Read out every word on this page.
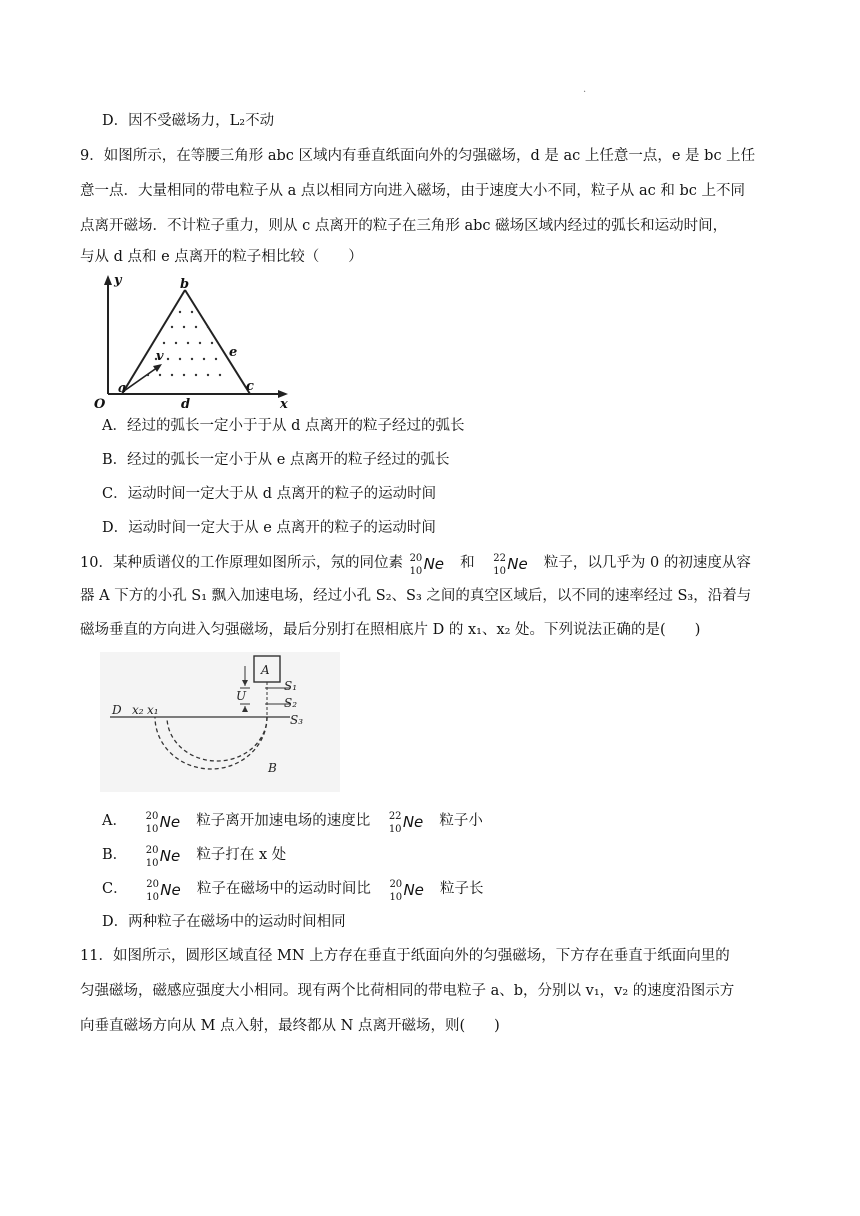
.
D．因不受磁场力，L₂不动
9．如图所示，在等腰三角形 abc 区域内有垂直纸面向外的匀强磁场，d 是 ac 上任意一点，e 是 bc 上任
意一点．大量相同的带电粒子从 a 点以相同方向进入磁场，由于速度大小不同，粒子从 ac 和 bc 上不同
点离开磁场．不计粒子重力，则从 c 点离开的粒子在三角形 abc 磁场区域内经过的弧长和运动时间，
与从 d 点和 e 点离开的粒子相比较（　　）
y
O	x
a
b
c
d
e
v
A．经过的弧长一定小于于从 d 点离开的粒子经过的弧长
B．经过的弧长一定小于从 e 点离开的粒子经过的弧长
C．运动时间一定大于从 d 点离开的粒子的运动时间
D．运动时间一定大于从 e 点离开的粒子的运动时间
10．某种质谱仪的工作原理如图所示，氖的同位素 20
10 Ne 和 22
10 Ne 粒子，以几乎为 0 的初速度从容
器 A 下方的小孔 S₁ 飘入加速电场，经过小孔 S₂、S₃ 之间的真空区域后，以不同的速率经过 S₃，沿着与
磁场垂直的方向进入匀强磁场，最后分别打在照相底片 D 的 x₁、x₂ 处。下列说法正确的是(　　)
A
U
S₁
S₂
S₃
D x₂ x₁
B
A． 20
10 Ne 粒子离开加速电场的速度比 22
10 Ne 粒子小
B． 20
10 Ne 粒子打在 x 处
C． 20
10 Ne 粒子在磁场中的运动时间比 20
10 Ne 粒子长
D．两种粒子在磁场中的运动时间相同
11．如图所示，圆形区域直径 MN 上方存在垂直于纸面向外的匀强磁场，下方存在垂直于纸面向里的
匀强磁场，磁感应强度大小相同。现有两个比荷相同的带电粒子 a、b，分别以 v₁，v₂ 的速度沿图示方
向垂直磁场方向从 M 点入射，最终都从 N 点离开磁场，则(　　)
